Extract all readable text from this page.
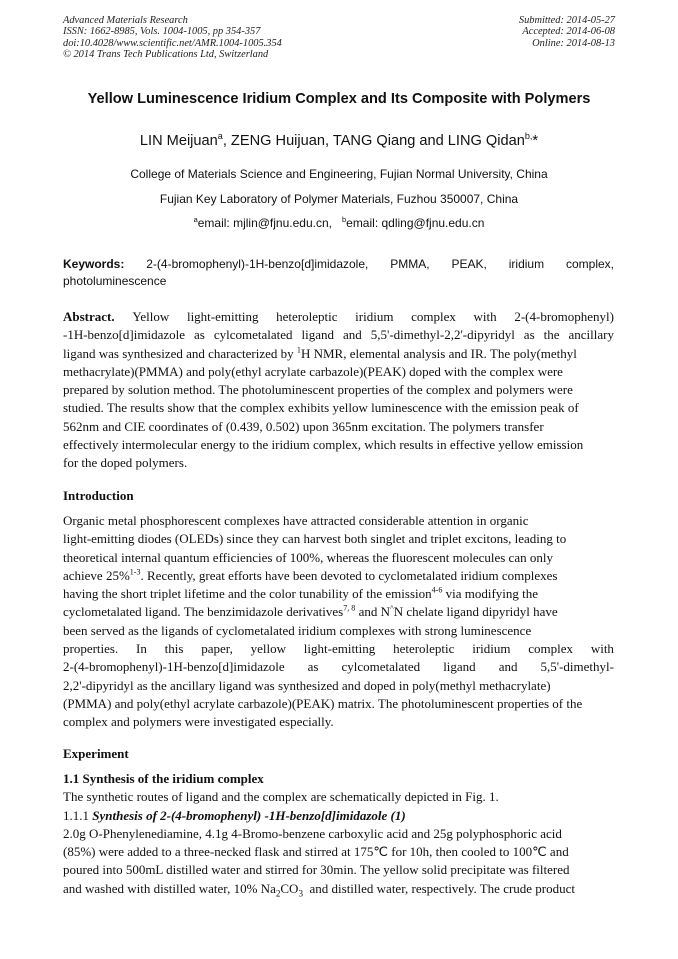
Advanced Materials Research
ISSN: 1662-8985, Vols. 1004-1005, pp 354-357
doi:10.4028/www.scientific.net/AMR.1004-1005.354
© 2014 Trans Tech Publications Ltd, Switzerland
Submitted: 2014-05-27
Accepted: 2014-06-08
Online: 2014-08-13
Yellow Luminescence Iridium Complex and Its Composite with Polymers
LIN Meijuan$^a$, ZENG Huijuan, TANG Qiang and LING Qidan$^{b,}$*
College of Materials Science and Engineering, Fujian Normal University, China
Fujian Key Laboratory of Polymer Materials, Fuzhou 350007, China
$^a$email: mjlin@fjnu.edu.cn, $^b$email: qdling@fjnu.edu.cn
Keywords: 2-(4-bromophenyl)-1H-benzo[d]imidazole, PMMA, PEAK, iridium complex,
photoluminescence
Abstract. Yellow light-emitting heteroleptic iridium complex with 2-(4-bromophenyl)
-1H-benzo[d]imidazole as cylcometalated ligand and 5,5'-dimethyl-2,2'-dipyridyl as the ancillary
ligand was synthesized and characterized by $^1$H NMR, elemental analysis and IR. The poly(methyl
methacrylate)(PMMA) and poly(ethyl acrylate carbazole)(PEAK) doped with the complex were
prepared by solution method. The photoluminescent properties of the complex and polymers were
studied. The results show that the complex exhibits yellow luminescence with the emission peak of
562nm and CIE coordinates of (0.439, 0.502) upon 365nm excitation. The polymers transfer
effectively intermolecular energy to the iridium complex, which results in effective yellow emission
for the doped polymers.
Introduction
Organic metal phosphorescent complexes have attracted considerable attention in organic
light-emitting diodes (OLEDs) since they can harvest both singlet and triplet excitons, leading to
theoretical internal quantum efficiencies of 100%, whereas the fluorescent molecules can only
achieve 25%$^{1-3}$. Recently, great efforts have been devoted to cyclometalated iridium complexes
having the short triplet lifetime and the color tunability of the emission$^{4-6}$ via modifying the
cyclometalated ligand. The benzimidazole derivatives$^{7, 8}$ and N^N chelate ligand dipyridyl have
been served as the ligands of cyclometalated iridium complexes with strong luminescence
properties. In this paper, yellow light-emitting heteroleptic iridium complex with
2-(4-bromophenyl)-1H-benzo[d]imidazole as cylcometalated ligand and 5,5'-dimethyl-
2,2'-dipyridyl as the ancillary ligand was synthesized and doped in poly(methyl methacrylate)
(PMMA) and poly(ethyl acrylate carbazole)(PEAK) matrix. The photoluminescent properties of the
complex and polymers were investigated especially.
Experiment
1.1 Synthesis of the iridium complex
The synthetic routes of ligand and the complex are schematically depicted in Fig. 1.
1.1.1 Synthesis of 2-(4-bromophenyl) -1H-benzo[d]imidazole (1)
2.0g O-Phenylenediamine, 4.1g 4-Bromo-benzene carboxylic acid and 25g polyphosphoric acid
(85%) were added to a three-necked flask and stirred at 175℃ for 10h, then cooled to 100℃ and
poured into 500mL distilled water and stirred for 30min. The yellow solid precipitate was filtered
and washed with distilled water, 10% $Na_2CO_3$  and distilled water, respectively. The crude product
